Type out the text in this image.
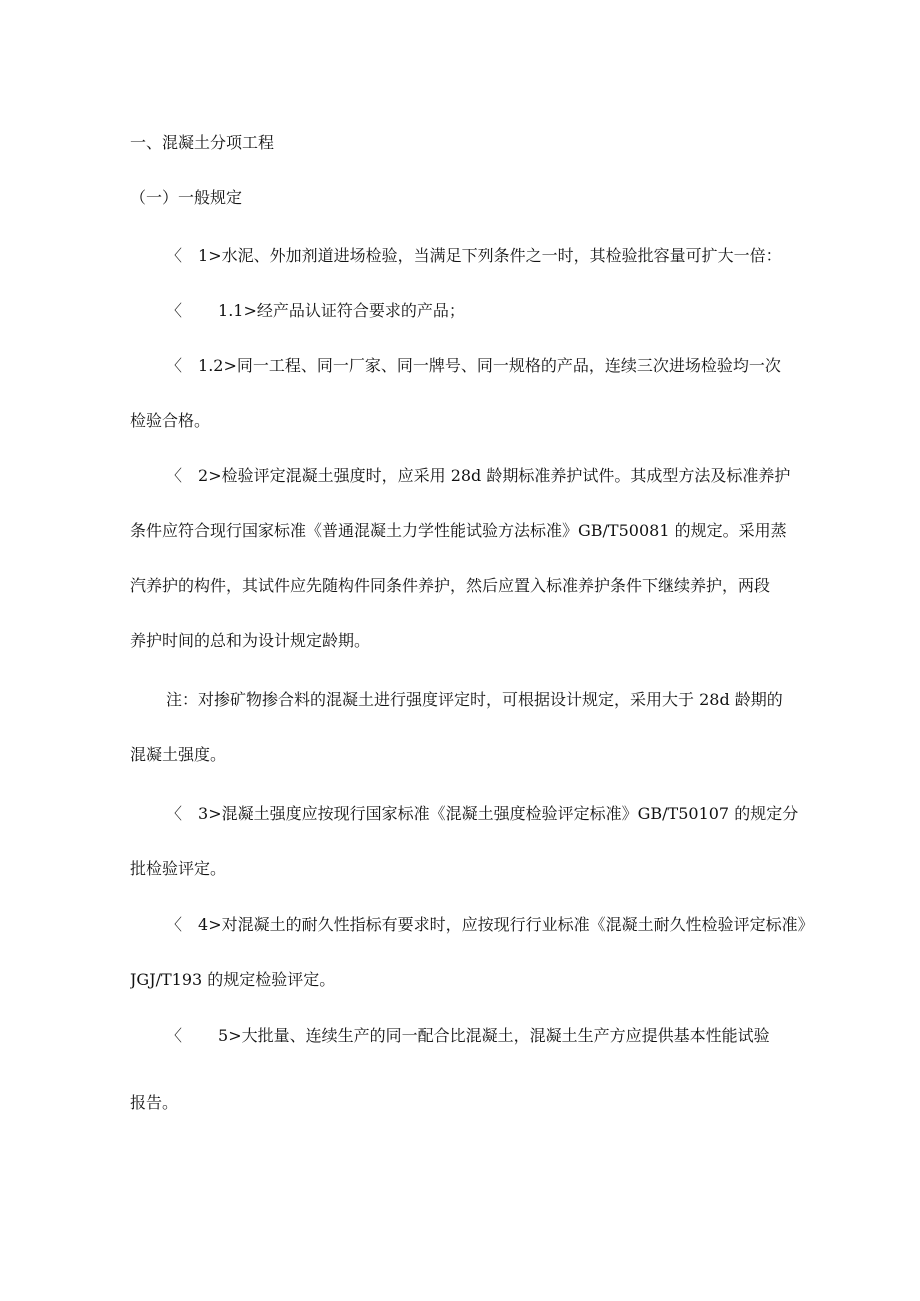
一、混凝土分项工程
（一）一般规定
〈 1>水泥、外加剂道进场检验，当满足下列条件之一时，其检验批容量可扩大一倍：
〈 1.1>经产品认证符合要求的产品；
〈 1.2>同一工程、同一厂家、同一牌号、同一规格的产品，连续三次进场检验均一次
检验合格。
〈 2>检验评定混凝土强度时，应采用 28d 龄期标准养护试件。其成型方法及标准养护
条件应符合现行国家标准《普通混凝土力学性能试验方法标准》GB/T50081 的规定。采用蒸
汽养护的构件，其试件应先随构件同条件养护，然后应置入标准养护条件下继续养护，两段
养护时间的总和为设计规定龄期。
注：对掺矿物掺合料的混凝土进行强度评定时，可根据设计规定，采用大于 28d 龄期的
混凝土强度。
〈 3>混凝土强度应按现行国家标准《混凝土强度检验评定标准》GB/T50107 的规定分
批检验评定。
〈 4>对混凝土的耐久性指标有要求时，应按现行行业标准《混凝土耐久性检验评定标准》
JGJ/T193 的规定检验评定。
〈 5>大批量、连续生产的同一配合比混凝土，混凝土生产方应提供基本性能试验
报告。
